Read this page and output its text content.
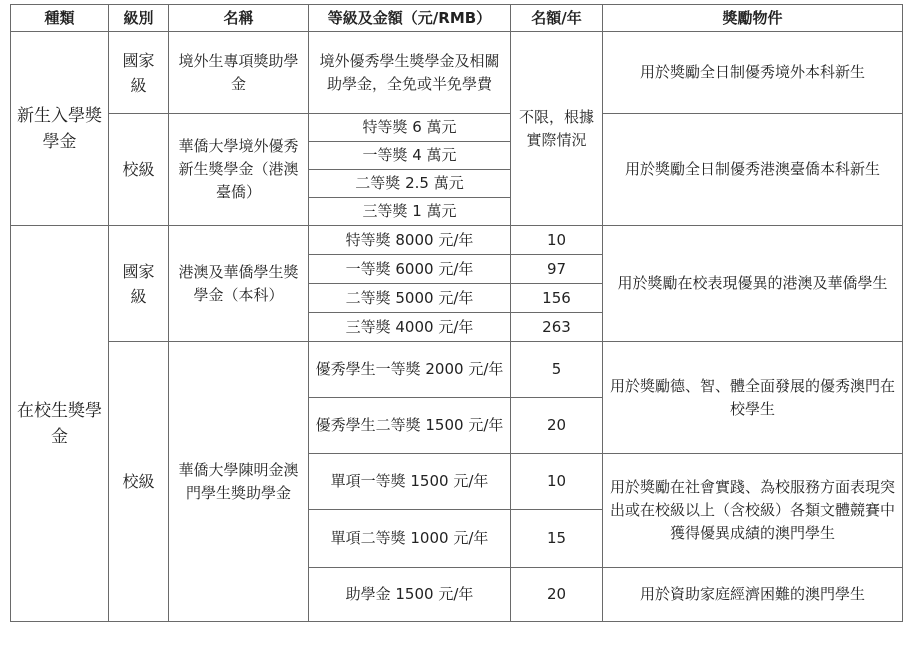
種類	級別	名稱	等級及金額（元/RMB）	名額/年	獎勵物件
新生入學獎學金	國家級	境外生專項獎助學金	境外優秀學生獎學金及相關助學金，全免或半免學費	不限，根據實際情況	用於獎勵全日制優秀境外本科新生
	校級	華僑大學境外優秀新生獎學金（港澳臺僑）	特等獎 6 萬元		用於獎勵全日制優秀港澳臺僑本科新生
			一等獎 4 萬元		
			二等獎 2.5 萬元		
			三等獎 1 萬元		
在校生獎學金	國家級	港澳及華僑學生獎學金（本科）	特等獎 8000 元/年	10	用於獎勵在校表現優異的港澳及華僑學生
			一等獎 6000 元/年	97	
			二等獎 5000 元/年	156	
			三等獎 4000 元/年	263	
	校級	華僑大學陳明金澳門學生獎助學金	優秀學生一等獎 2000 元/年	5	用於獎勵德、智、體全面發展的優秀澳門在校學生
			優秀學生二等獎 1500 元/年	20	
			單項一等獎 1500 元/年	10	用於獎勵在社會實踐、為校服務方面表現突出或在校級以上（含校級）各類文體競賽中獲得優異成績的澳門學生
			單項二等獎 1000 元/年	15	
			助學金 1500 元/年	20	用於資助家庭經濟困難的澳門學生
